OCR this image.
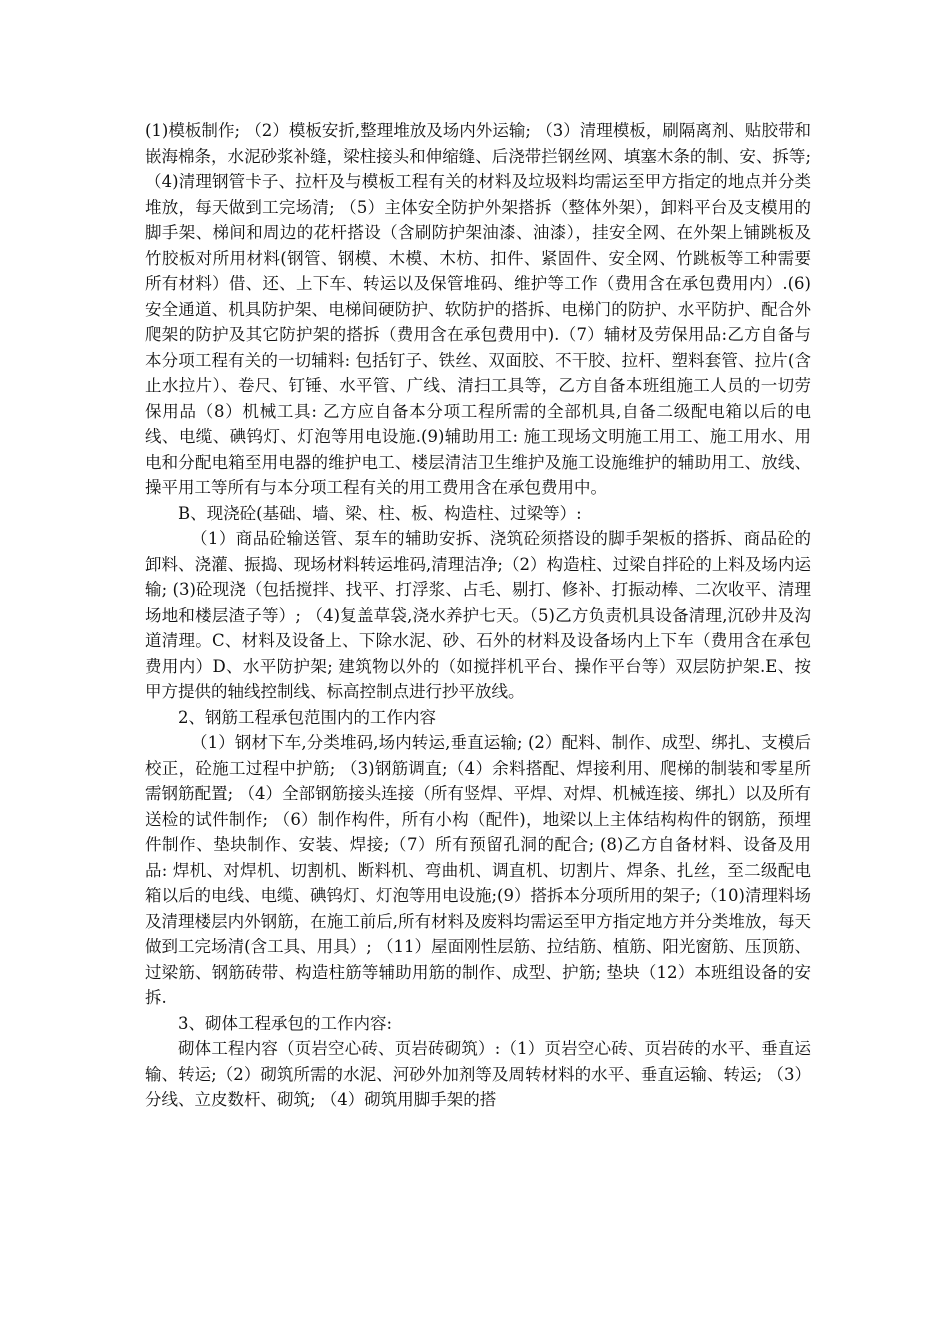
(1)模板制作; （2）模板安折,整理堆放及场内外运输; （3）清理模板，刷隔离剂、贴胶带和嵌海棉条，水泥砂浆补缝，梁柱接头和伸缩缝、后浇带拦钢丝网、填塞木条的制、安、拆等; （4)清理钢管卡子、拉杆及与模板工程有关的材料及垃圾料均需运至甲方指定的地点并分类堆放，每天做到工完场清; （5）主体安全防护外架搭拆（整体外架），卸料平台及支模用的脚手架、梯间和周边的花杆搭设（含刷防护架油漆、油漆），挂安全网、在外架上铺跳板及竹胶板对所用材料(钢管、钢模、木模、木枋、扣件、紧固件、安全网、竹跳板等工种需要所有材料）借、还、上下车、转运以及保管堆码、维护等工作（费用含在承包费用内）.(6)安全通道、机具防护架、电梯间硬防护、软防护的搭拆、电梯门的防护、水平防护、配合外爬架的防护及其它防护架的搭拆（费用含在承包费用中).（7）辅材及劳保用品:乙方自备与本分项工程有关的一切辅料: 包括钉子、铁丝、双面胶、不干胶、拉杆、塑料套管、拉片(含止水拉片）、卷尺、钉锤、水平管、广线、清扫工具等，乙方自备本班组施工人员的一切劳保用品（8）机械工具: 乙方应自备本分项工程所需的全部机具,自备二级配电箱以后的电线、电缆、碘钨灯、灯泡等用电设施.(9)辅助用工: 施工现场文明施工用工、施工用水、用电和分配电箱至用电器的维护电工、楼层清洁卫生维护及施工设施维护的辅助用工、放线、操平用工等所有与本分项工程有关的用工费用含在承包费用中。

B、现浇砼(基础、墙、梁、柱、板、构造柱、过梁等）:

（1）商品砼输送管、泵车的辅助安拆、浇筑砼须搭设的脚手架板的搭拆、商品砼的卸料、浇灌、振捣、现场材料转运堆码,清理洁净;（2）构造柱、过梁自拌砼的上料及场内运输; (3)砼现浇（包括搅拌、找平、打浮浆、占毛、剔打、修补、打振动棒、二次收平、清理场地和楼层渣子等）; （4)复盖草袋,浇水养护七天。（5)乙方负责机具设备清理,沉砂井及沟道清理。C、材料及设备上、下除水泥、砂、石外的材料及设备场内上下车（费用含在承包费用内）D、水平防护架; 建筑物以外的（如搅拌机平台、操作平台等）双层防护架.E、按甲方提供的轴线控制线、标高控制点进行抄平放线。

2、钢筋工程承包范围内的工作内容

（1）钢材下车,分类堆码,场内转运,垂直运输; (2）配料、制作、成型、绑扎、支模后校正，砼施工过程中护筋; （3)钢筋调直;（4）余料搭配、焊接利用、爬梯的制装和零星所需钢筋配置; （4）全部钢筋接头连接（所有竖焊、平焊、对焊、机械连接、绑扎）以及所有送检的试件制作; （6）制作构件，所有小构（配件)，地梁以上主体结构构件的钢筋，预埋件制作、垫块制作、安装、焊接;（7）所有预留孔洞的配合; (8)乙方自备材料、设备及用品: 焊机、对焊机、切割机、断料机、弯曲机、调直机、切割片、焊条、扎丝，至二级配电箱以后的电线、电缆、碘钨灯、灯泡等用电设施;(9）搭拆本分项所用的架子;（10)清理料场及清理楼层内外钢筋，在施工前后,所有材料及废料均需运至甲方指定地方并分类堆放，每天做到工完场清(含工具、用具）; （11）屋面刚性层筋、拉结筋、植筋、阳光窗筋、压顶筋、过梁筋、钢筋砖带、构造柱筋等辅助用筋的制作、成型、护筋; 垫块（12）本班组设备的安拆.

3、砌体工程承包的工作内容:

砌体工程内容（页岩空心砖、页岩砖砌筑）:（1）页岩空心砖、页岩砖的水平、垂直运输、转运;（2）砌筑所需的水泥、河砂外加剂等及周转材料的水平、垂直运输、转运; （3）分线、立皮数杆、砌筑; （4）砌筑用脚手架的搭
